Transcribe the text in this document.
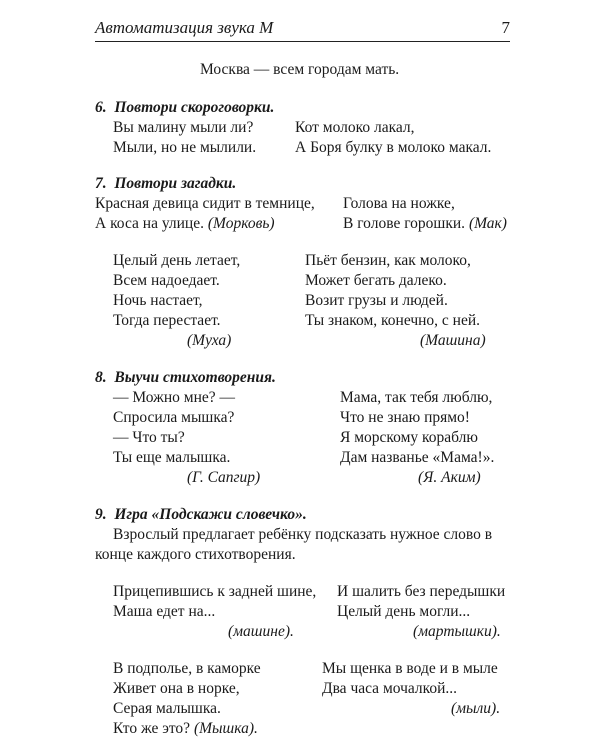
Автоматизация звука М	7
Москва — всем городам мать.
6. Повтори скороговорки.
Вы малину мыли ли?
Мыли, но не мылили.
Кот молоко лакал,
А Боря булку в молоко макал.
7. Повтори загадки.
Красная девица сидит в темнице,
А коса на улице. (Морковь)
Голова на ножке,
В голове горошки. (Мак)
Целый день летает,
Всем надоедает.
Ночь настает,
Тогда перестает.
(Муха)
Пьёт бензин, как молоко,
Может бегать далеко.
Возит грузы и людей.
Ты знаком, конечно, с ней.
(Машина)
8. Выучи стихотворения.
— Можно мне? —
Спросила мышка?
— Что ты?
Ты еще малышка.
(Г. Сапгир)
Мама, так тебя люблю,
Что не знаю прямо!
Я морскому кораблю
Дам названье «Мама!».
(Я. Аким)
9. Игра «Подскажи словечко».
Взрослый предлагает ребёнку подсказать нужное слово в
конце каждого стихотворения.
Прицепившись к задней шине,
Маша едет на...
(машине).
И шалить без передышки
Целый день могли...
(мартышки).
В подполье, в каморке
Живет она в норке,
Серая малышка.
Кто же это? (Мышка).
Мы щенка в воде и в мыле
Два часа мочалкой...
(мыли).
